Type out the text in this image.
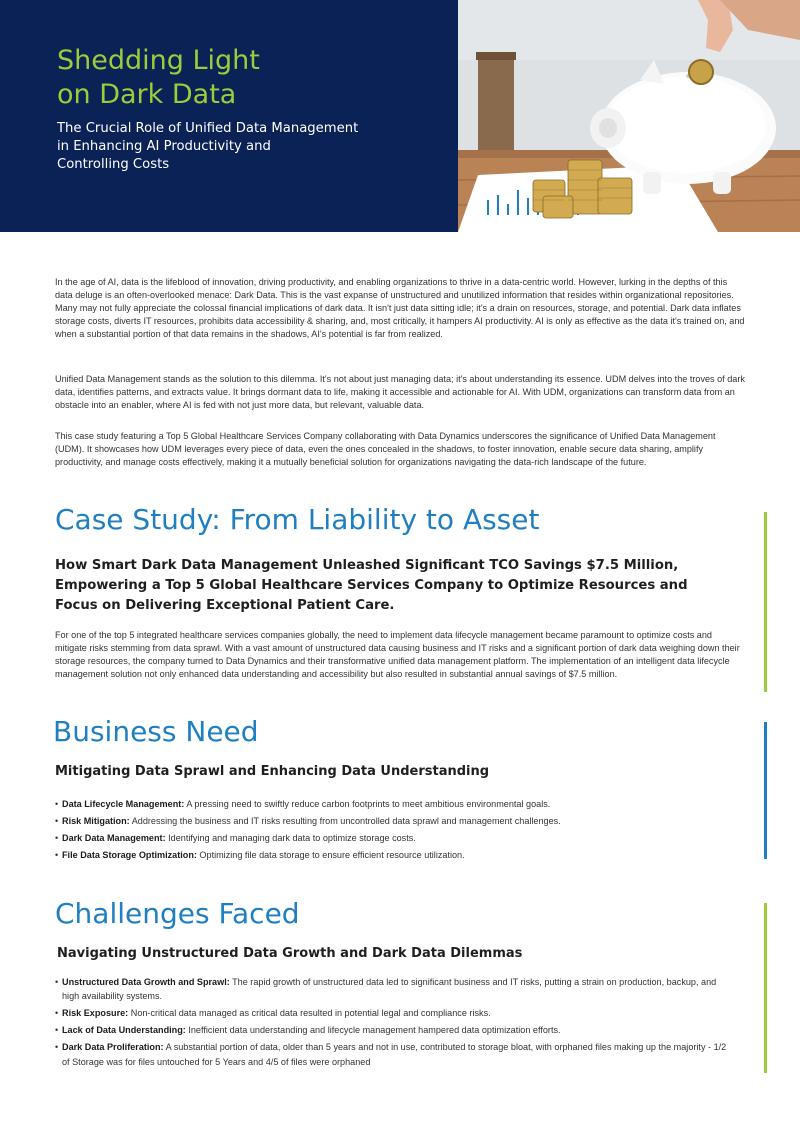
Shedding Light
on Dark Data
The Crucial Role of Unified Data Management
in Enhancing AI Productivity and
Controlling Costs

In the age of AI, data is the lifeblood of innovation, driving productivity, and enabling organizations to thrive in a data-centric world. However, lurking in the depths of this data deluge is an often-overlooked menace: Dark Data. This is the vast expanse of unstructured and unutilized information that resides within organizational repositories. Many may not fully appreciate the colossal financial implications of dark data. It isn't just data sitting idle; it's a drain on resources, storage, and potential. Dark data inflates storage costs, diverts IT resources, prohibits data accessibility & sharing, and, most critically, it hampers AI productivity. AI is only as effective as the data it's trained on, and when a substantial portion of that data remains in the shadows, AI's potential is far from realized.

Unified Data Management stands as the solution to this dilemma. It's not about just managing data; it's about understanding its essence. UDM delves into the troves of dark data, identifies patterns, and extracts value. It brings dormant data to life, making it accessible and actionable for AI. With UDM, organizations can transform data from an obstacle into an enabler, where AI is fed with not just more data, but relevant, valuable data.

This case study featuring a Top 5 Global Healthcare Services Company collaborating with Data Dynamics underscores the significance of Unified Data Management (UDM). It showcases how UDM leverages every piece of data, even the ones concealed in the shadows, to foster innovation, enable secure data sharing, amplify productivity, and manage costs effectively, making it a mutually beneficial solution for organizations navigating the data-rich landscape of the future.

Case Study: From Liability to Asset
How Smart Dark Data Management Unleashed Significant TCO Savings $7.5 Million, Empowering a Top 5 Global Healthcare Services Company to Optimize Resources and Focus on Delivering Exceptional Patient Care.

For one of the top 5 integrated healthcare services companies globally, the need to implement data lifecycle management became paramount to optimize costs and mitigate risks stemming from data sprawl. With a vast amount of unstructured data causing business and IT risks and a significant portion of dark data weighing down their storage resources, the company turned to Data Dynamics and their transformative unified data management platform. The implementation of an intelligent data lifecycle management solution not only enhanced data understanding and accessibility but also resulted in substantial annual savings of $7.5 million.

Business Need
Mitigating Data Sprawl and Enhancing Data Understanding
• Data Lifecycle Management: A pressing need to swiftly reduce carbon footprints to meet ambitious environmental goals.
• Risk Mitigation: Addressing the business and IT risks resulting from uncontrolled data sprawl and management challenges.
• Dark Data Management: Identifying and managing dark data to optimize storage costs.
• File Data Storage Optimization: Optimizing file data storage to ensure efficient resource utilization.
Challenges Faced
Navigating Unstructured Data Growth and Dark Data Dilemmas
• Unstructured Data Growth and Sprawl: The rapid growth of unstructured data led to significant business and IT risks, putting a strain on production, backup, and high availability systems.
• Risk Exposure: Non-critical data managed as critical data resulted in potential legal and compliance risks.
• Lack of Data Understanding: Inefficient data understanding and lifecycle management hampered data optimization efforts.
• Dark Data Proliferation: A substantial portion of data, older than 5 years and not in use, contributed to storage bloat, with orphaned files making up the majority - 1/2 of Storage was for files untouched for 5 Years and 4/5 of files were orphaned
